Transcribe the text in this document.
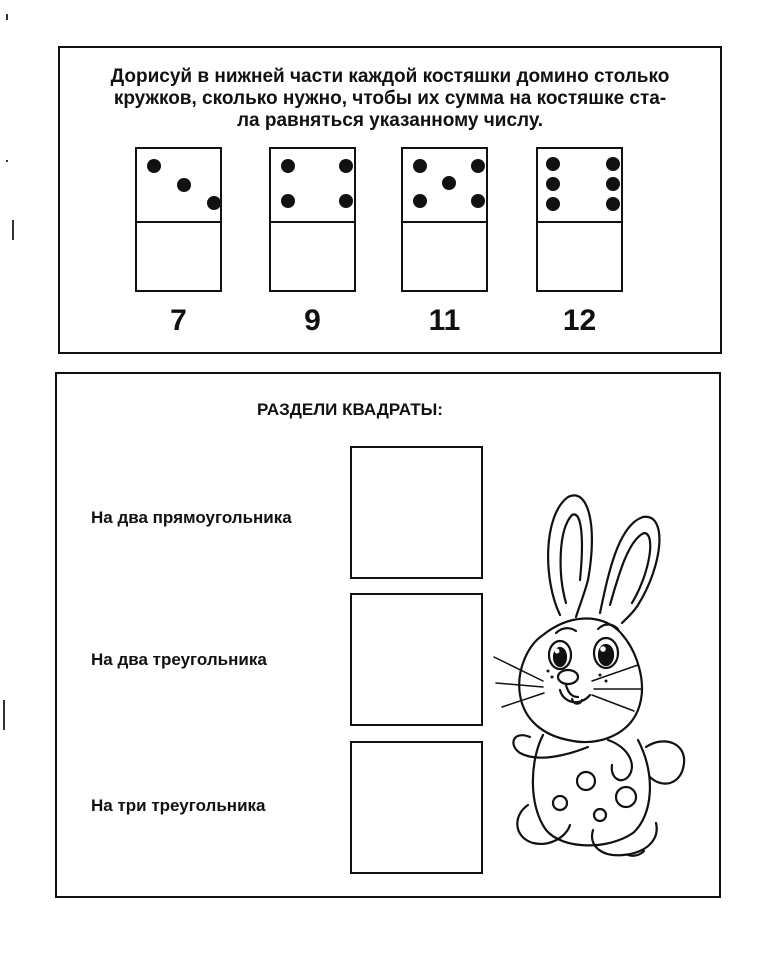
Дорисуй в нижней части каждой костяшки домино столько
кружков, сколько нужно, чтобы их сумма на костяшке ста-
ла равняться указанному числу.
7	9	11	12
РАЗДЕЛИ КВАДРАТЫ:
На два прямоугольника
На два треугольника
На три треугольника
